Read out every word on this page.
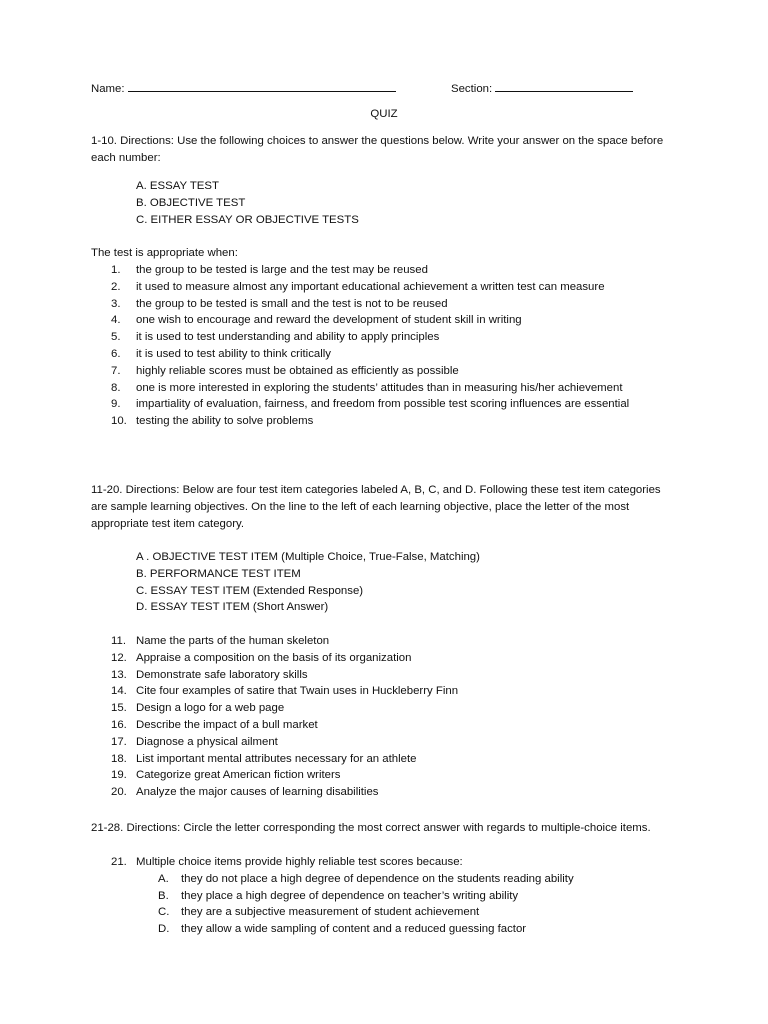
Name:	Section:
QUIZ

1-10. Directions: Use the following choices to answer the questions below. Write your answer on the space before each number:

A. ESSAY TEST
B. OBJECTIVE TEST
C. EITHER ESSAY OR OBJECTIVE TESTS
The test is appropriate when:
1.	the group to be tested is large and the test may be reused
2.	it used to measure almost any important educational achievement a written test can measure
3.	the group to be tested is small and the test is not to be reused
4.	one wish to encourage and reward the development of student skill in writing
5.	it is used to test understanding and ability to apply principles
6.	it is used to test ability to think critically
7.	highly reliable scores must be obtained as efficiently as possible
8.	one is more interested in exploring the students’ attitudes than in measuring his/her achievement
9.	impartiality of evaluation, fairness, and freedom from possible test scoring influences are essential
10. testing the ability to solve problems

11-20. Directions: Below are four test item categories labeled A, B, C, and D. Following these test item categories are sample learning objectives. On the line to the left of each learning objective, place the letter of the most appropriate test item category.

A . OBJECTIVE TEST ITEM (Multiple Choice, True-False, Matching)
B. PERFORMANCE TEST ITEM
C. ESSAY TEST ITEM (Extended Response)
D. ESSAY TEST ITEM (Short Answer)
11. Name the parts of the human skeleton
12. Appraise a composition on the basis of its organization
13. Demonstrate safe laboratory skills
14. Cite four examples of satire that Twain uses in Huckleberry Finn
15. Design a logo for a web page
16. Describe the impact of a bull market
17. Diagnose a physical ailment
18. List important mental attributes necessary for an athlete
19. Categorize great American fiction writers
20. Analyze the major causes of learning disabilities

21-28. Directions: Circle the letter corresponding the most correct answer with regards to multiple-choice items.

21. Multiple choice items provide highly reliable test scores because:
A. they do not place a high degree of dependence on the students reading ability
B. they place a high degree of dependence on teacher’s writing ability
C. they are a subjective measurement of student achievement
D. they allow a wide sampling of content and a reduced guessing factor
